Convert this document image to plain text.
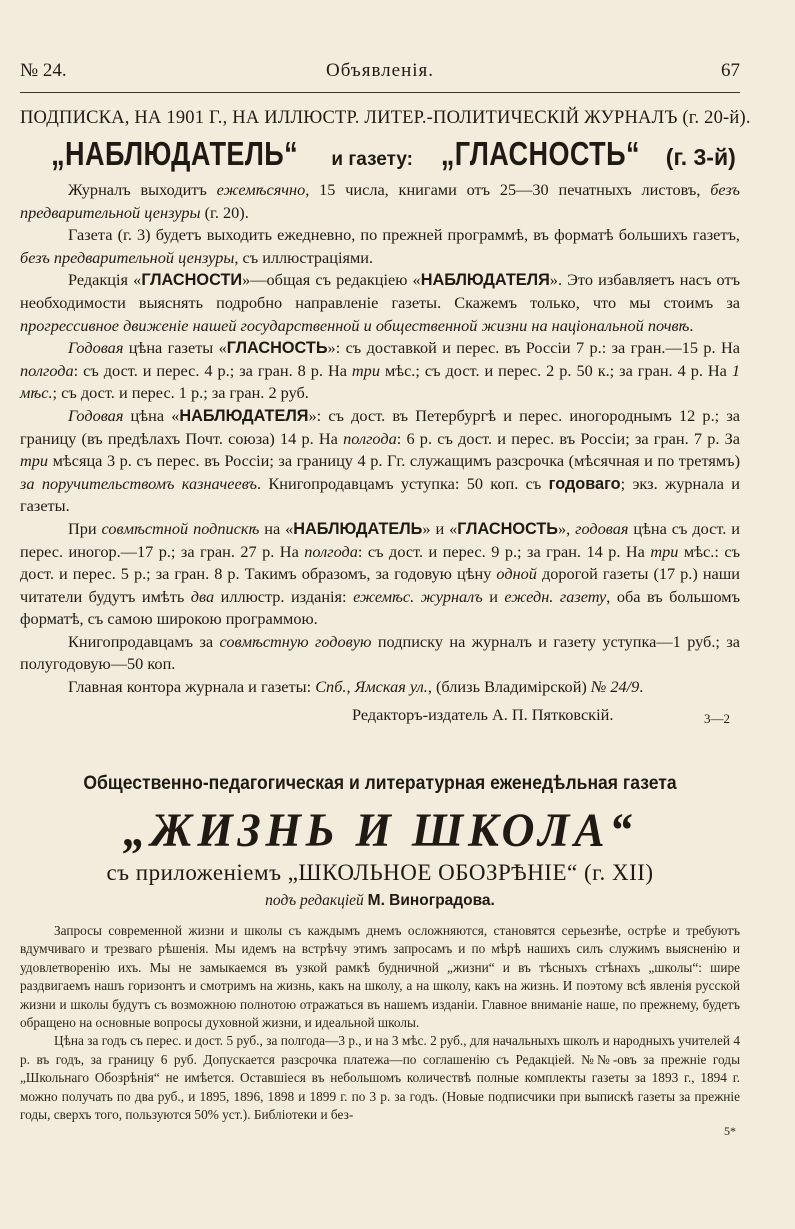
№ 24.	Объявленія.	67
ПОДПИСКА, НА 1901 Г., НА ИЛЛЮСТР. ЛИТЕР.-ПОЛИТИЧЕСКІЙ ЖУРНАЛЪ (г. 20-й).
„НАБЛЮДАТЕЛЬ“ и газету: „ГЛАСНОСТЬ“ (г. 3-й)

Журналъ выходитъ ежемѣсячно, 15 числа, книгами отъ 25—30 печатныхъ листовъ, безъ предварительной цензуры (г. 20).

Газета (г. 3) будетъ выходить ежедневно, по прежней программѣ, въ форматѣ большихъ газетъ, безъ предварительной цензуры, съ иллюстраціями.

Редакція «ГЛАСНОСТИ»—общая съ редакціею «НАБЛЮДАТЕЛЯ». Это избавляетъ насъ отъ необходимости выяснять подробно направленіе газеты. Скажемъ только, что мы стоимъ за прогрессивное движеніе нашей государственной и общественной жизни на національной почвѣ.

Годовая цѣна газеты «ГЛАСНОСТЬ»: съ доставкой и перес. въ Россіи 7 р.: за гран.—15 р. На полгода: съ дост. и перес. 4 р.; за гран. 8 р. На три мѣс.; съ дост. и перес. 2 р. 50 к.; за гран. 4 р. На 1 мѣс.; съ дост. и перес. 1 р.; за гран. 2 руб.

Годовая цѣна «НАБЛЮДАТЕЛЯ»: съ дост. въ Петербургѣ и перес. иногороднымъ 12 р.; за границу (въ предѣлахъ Почт. союза) 14 р. На полгода: 6 р. съ дост. и перес. въ Россіи; за гран. 7 р. За три мѣсяца 3 р. съ перес. въ Россіи; за границу 4 р. Гг. служащимъ разсрочка (мѣсячная и по третямъ) за поручительствомъ казначеевъ. Книгопродавцамъ уступка: 50 коп. съ годоваго; экз. журнала и газеты.

При совмѣстной подпискѣ на «НАБЛЮДАТЕЛЬ» и «ГЛАСНОСТЬ», годовая цѣна съ дост. и перес. иногор.—17 р.; за гран. 27 р. На полгода: съ дост. и перес. 9 р.; за гран. 14 р. На три мѣс.: съ дост. и перес. 5 р.; за гран. 8 р. Такимъ образомъ, за годовую цѣну одной дорогой газеты (17 р.) наши читатели будутъ имѣть два иллюстр. изданія: ежемѣс. журналъ и ежедн. газету, оба въ большомъ форматѣ, съ самою широкою программою.

Книгопродавцамъ за совмѣстную годовую подписку на журналъ и газету уступка—1 руб.; за полугодовую—50 коп.

Главная контора журнала и газеты: Спб., Ямская ул., (близь Владимірской) № 24/9.

Редакторъ-издатель А. П. Пятковскій.	3—2
Общественно-педагогическая и литературная еженедѣльная газета
„ЖИЗНЬ И ШКОЛА“
съ приложеніемъ „ШКОЛЬНОЕ ОБОЗРѢНІЕ“ (г. XII)
подъ редакціей М. Виноградова.

Запросы современной жизни и школы съ каждымъ днемъ осложняются, становятся серьезнѣе, острѣе и требуютъ вдумчиваго и трезваго рѣшенія. Мы идемъ на встрѣчу этимъ запросамъ и по мѣрѣ нашихъ силъ служимъ выясненію и удовлетворенію ихъ. Мы не замыкаемся въ узкой рамкѣ будничной „жизни“ и въ тѣсныхъ стѣнахъ „школы“: шире раздвигаемъ нашъ горизонтъ и смотримъ на жизнь, какъ на школу, а на школу, какъ на жизнь. И поэтому всѣ явленія русской жизни и школы будутъ съ возможною полнотою отражаться въ нашемъ изданіи. Главное вниманіе наше, по прежнему, будетъ обращено на основные вопросы духовной жизни, и идеальной школы.

Цѣна за годъ съ перес. и дост. 5 руб., за полгода—3 р., и на 3 мѣс. 2 руб., для начальныхъ школъ и народныхъ учителей 4 р. въ годъ, за границу 6 руб. Допускается разсрочка платежа—по соглашенію съ Редакціей. №№-овъ за прежніе годы „Школьнаго Обозрѣнія“ не имѣется. Оставшіеся въ небольшомъ количествѣ полные комплекты газеты за 1893 г., 1894 г. можно получать по два руб., и 1895, 1896, 1898 и 1899 г. по 3 р. за годъ. (Новые подписчики при выпискѣ газеты за прежніе годы, сверхъ того, пользуются 50% уст.). Библіотеки и без-

5*
